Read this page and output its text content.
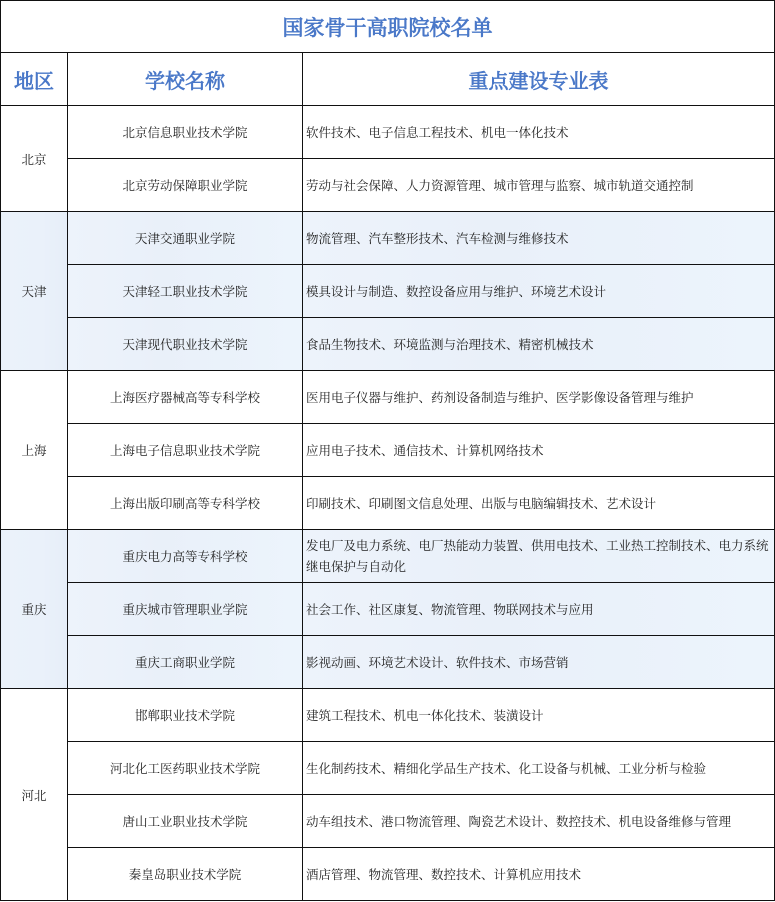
国家骨干高职院校名单		
地区	学校名称	重点建设专业表
北京	北京信息职业技术学院	软件技术、电子信息工程技术、机电一体化技术
	北京劳动保障职业学院	劳动与社会保障、人力资源管理、城市管理与监察、城市轨道交通控制
天津	天津交通职业学院	物流管理、汽车整形技术、汽车检测与维修技术
	天津轻工职业技术学院	模具设计与制造、数控设备应用与维护、环境艺术设计
	天津现代职业技术学院	食品生物技术、环境监测与治理技术、精密机械技术
上海	上海医疗器械高等专科学校	医用电子仪器与维护、药剂设备制造与维护、医学影像设备管理与维护
	上海电子信息职业技术学院	应用电子技术、通信技术、计算机网络技术
	上海出版印刷高等专科学校	印刷技术、印刷图文信息处理、出版与电脑编辑技术、艺术设计
重庆	重庆电力高等专科学校	发电厂及电力系统、电厂热能动力装置、供用电技术、工业热工控制技术、电力系统继电保护与自动化
	重庆城市管理职业学院	社会工作、社区康复、物流管理、物联网技术与应用
	重庆工商职业学院	影视动画、环境艺术设计、软件技术、市场营销
河北	邯郸职业技术学院	建筑工程技术、机电一体化技术、装潢设计
	河北化工医药职业技术学院	生化制药技术、精细化学品生产技术、化工设备与机械、工业分析与检验
	唐山工业职业技术学院	动车组技术、港口物流管理、陶瓷艺术设计、数控技术、机电设备维修与管理
	秦皇岛职业技术学院	酒店管理、物流管理、数控技术、计算机应用技术
